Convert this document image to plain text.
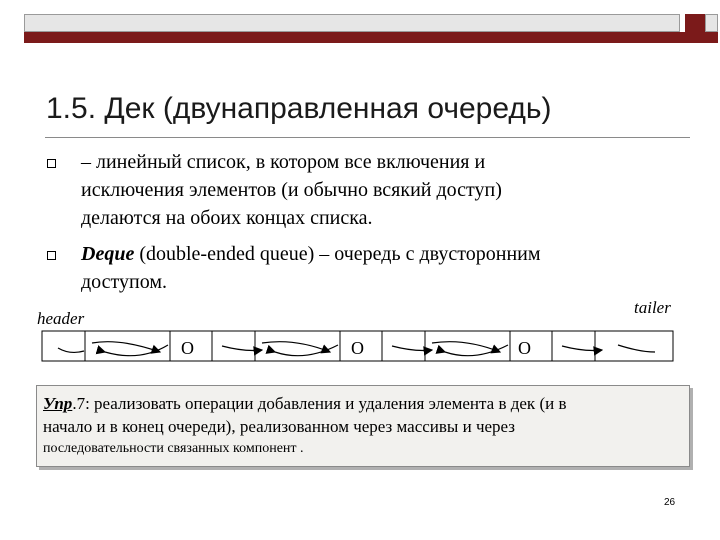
1.5. Дек (двунаправленная очередь)
– линейный список, в котором все включения и
исключения элементов (и обычно всякий доступ)
делаются на обоих концах списка.
Deque (double-ended queue) – очередь с двусторонним
доступом.
header
tailer
O	O	O
Упр.7: реализовать операции добавления и удаления элемента в дек (и в
начало и в конец очереди), реализованном через массивы и через
последовательности связанных компонент .
26
